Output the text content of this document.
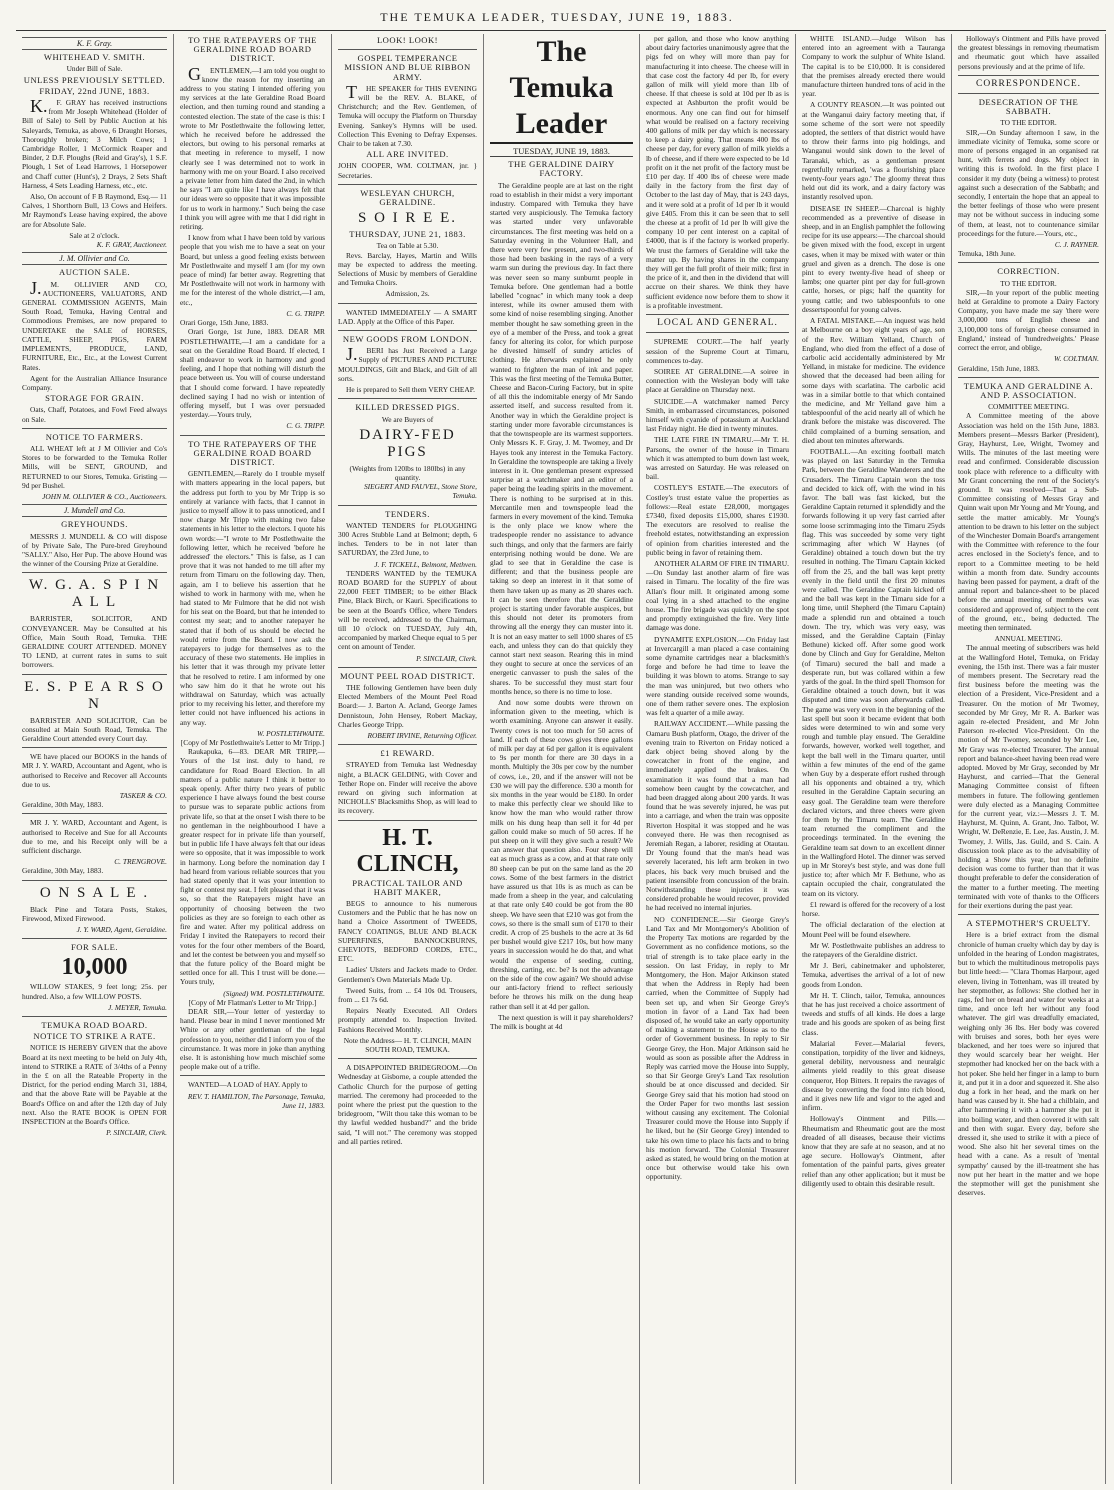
THE TEMUKA LEADER, TUESDAY, JUNE 19, 1883.
K. F. Gray.
WHITEHEAD V. SMITH.
Under Bill of Sale.
UNLESS PREVIOUSLY SETTLED.
FRIDAY, 22nd JUNE, 1883.

K.F. GRAY has received instructions from Mr Joseph Whitehead (Holder of Bill of Sale) to Sell by Public Auction at his Saleyards, Temuka, as above, 6 Draught Horses, Thoroughly broken; 3 Milch Cows; 1 Cambridge Roller, 1 McCormick Reaper and Binder, 2 D.F. Ploughs (Reid and Gray's), 1 S.F. Plough, 1 Set of Lead Harrows, 1 Horsepower and Chaff cutter (Hunt's), 2 Drays, 2 Sets Shaft Harness, 4 Sets Leading Harness, etc., etc.

Also, On account of F B Raymond, Esq.— 11 Calves, 1 Shorthorn Bull, 13 Cows and Heifers. Mr Raymond's Lease having expired, the above are for Absolute Sale.

Sale at 2 o'clock.
K. F. GRAY, Auctioneer.
J. M. Ollivier and Co.
AUCTION SALE.

J.M. OLLIVIER AND CO, AUCTIONEERS, VALUATORS, AND GENERAL COMMISSION AGENTS, Main South Road, Temuka, Having Central and Commodious Premises, are now prepared to UNDERTAKE the SALE of HORSES, CATTLE, SHEEP, PIGS, FARM IMPLEMENTS, PRODUCE, LAND, FURNITURE, Etc., Etc., at the Lowest Current Rates.

Agent for the Australian Alliance Insurance Company.

STORAGE FOR GRAIN.

Oats, Chaff, Potatoes, and Fowl Feed always on Sale.

NOTICE TO FARMERS.

ALL WHEAT left at J M Ollivier and Co's Stores to be forwarded to the Temuka Roller Mills, will be SENT, GROUND, and RETURNED to our Stores, Temuka. Gristing — 9d per Bushel.

JOHN M. OLLIVIER & CO., Auctioneers.
J. Mundell and Co.
GREYHOUNDS.

MESSRS J. MUNDELL & CO will dispose of by Private Sale, The Pure-bred Greyhound "SALLY." Also, Her Pup. The above Hound was the winner of the Coursing Prize at Geraldine.

W. G. A. S P I N A L L

BARRISTER, SOLICITOR, AND CONVEYANCER. May be Consulted at his Office, Main South Road, Temuka. THE GERALDINE COURT ATTENDED. MONEY TO LEND, at current rates in sums to suit borrowers.

E. S. P E A R S O N

BARRISTER AND SOLICITOR, Can be consulted at Main South Road, Temuka. The Geraldine Court attended every Court day.

WE have placed our BOOKS in the hands of MR J. Y. WARD, Accountant and Agent, who is authorised to Receive and Recover all Accounts due to us.

TASKER & CO.
Geraldine, 30th May, 1883.

MR J. Y. WARD, Accountant and Agent, is authorised to Receive and Sue for all Accounts due to me, and his Receipt only will be a sufficient discharge.

C. TRENGROVE.
Geraldine, 30th May, 1883.
O N S A L E .

Black Pine and Totara Posts, Stakes, Firewood, Mixed Firewood.

J. Y. WARD, Agent, Geraldine.
FOR SALE.
10,000

WILLOW STAKES, 9 feet long; 25s. per hundred. Also, a few WILLOW POSTS.

J. MEYER, Temuka.
TEMUKA ROAD BOARD.
NOTICE TO STRIKE A RATE.

NOTICE IS HEREBY GIVEN that the above Board at its next meeting to be held on July 4th, intend to STRIKE a RATE of 3/4ths of a Penny in the £ on all the Rateable Property in the District, for the period ending March 31, 1884, and that the above Rate will be Payable at the Board's Office on and after the 12th day of July next. Also the RATE BOOK is OPEN FOR INSPECTION at the Board's Office.

P. SINCLAIR, Clerk.
TO THE RATEPAYERS OF THE GERALDINE ROAD BOARD DISTRICT.

GENTLEMEN,—I am told you ought to know the reason for my inserting an address to you stating I intended offering you my services at the late Geraldine Road Board election, and then turning round and standing a contested election. The state of the case is this: I wrote to Mr Postlethwaite the following letter, which he received before he addressed the electors, but owing to his personal remarks at that meeting in reference to myself, I now clearly see I was determined not to work in harmony with me on your Board. I also received a private letter from him dated the 2nd, in which he says "I am quite like I have always felt that our ideas were so opposite that it was impossible for us to work in harmony." Such being the case I think you will agree with me that I did right in retiring.

I know from what I have been told by various people that you wish me to have a seat on your Board, but unless a good feeling exists between Mr Postlethwaite and myself I am (for my own peace of mind) far better away. Regretting that Mr Postlethwaite will not work in harmony with me for the interest of the whole district,—I am, etc.,

C. G. TRIPP.
Orari Gorge, 15th June, 1883.

Orari Gorge, 1st June, 1883. DEAR MR POSTLETHWAITE,—I am a candidate for a seat on the Geraldine Road Board. If elected, I shall endeavor to work in harmony and good feeling, and I hope that nothing will disturb the peace between us. You will of course understand that I should come forward. I have repeatedly declined saying I had no wish or intention of offering myself, but I was over persuaded yesterday.—Yours truly,

C. G. TRIPP.
TO THE RATEPAYERS OF THE GERALDINE ROAD BOARD DISTRICT.

GENTLEMEN,—Rarely do I trouble myself with matters appearing in the local papers, but the address put forth to you by Mr Tripp is so entirely at variance with facts, that I cannot in justice to myself allow it to pass unnoticed, and I now charge Mr Tripp with making two false statements in his letter to the electors. I quote his own words:—"I wrote to Mr Postlethwaite the following letter, which he received 'before he addressed' the electors." This is false, as I can prove that it was not handed to me till after my return from Timaru on the following day. Then, again, am I to believe his assertion that he wished to work in harmony with me, when he had stated to Mr Fulmore that he did not wish for his seat on the Board, but that he intended to contest my seat; and to another ratepayer he stated that if both of us should be elected he would retire from the Board. I now ask the ratepayers to judge for themselves as to the accuracy of these two statements. He implies in his letter that it was through my private letter that he resolved to retire. I am informed by one who saw him do it that he wrote out his withdrawal on Saturday, which was actually prior to my receiving his letter, and therefore my letter could not have influenced his actions in any way.

W. POSTLETHWAITE.
[Copy of Mr Postlethwaite's Letter to Mr Tripp.]

Raukapuka, 6—83. DEAR MR TRIPP,—Yours of the 1st inst. duly to hand, re candidature for Road Board Election. In all matters of a public nature I think it better to speak openly. After thirty two years of public experience I have always found the best course to pursue was to separate public actions from private life, so that at the onset I wish there to be no gentleman in the neighbourhood I have a greater respect for in private life than yourself, but in public life I have always felt that our ideas were so opposite, that it was impossible to work in harmony. Long before the nomination day I had heard from various reliable sources that you had stated openly that it was your intention to fight or contest my seat. I felt pleased that it was so, so that the Ratepayers might have an opportunity of choosing between the two policies as they are so foreign to each other as fire and water. After my political address on Friday I invited the Ratepayers to record their votes for the four other members of the Board, and let the contest be between you and myself so that the future policy of the Board might be settled once for all. This I trust will be done.—Yours truly,

(Signed) WM. POSTLETHWAITE.
[Copy of Mr Flatman's Letter to Mr Tripp.]

DEAR SIR,—Your letter of yesterday to hand. Please bear in mind I never mentioned Mr White or any other gentleman of the legal profession to you, neither did I inform you of the circumstance. It was more in joke than anything else. It is astonishing how much mischief some people make out of a trifle.

WANTED—A LOAD of HAY. Apply to

REV. T. HAMILTON, The Parsonage, Temuka, June 11, 1883.
LOOK! LOOK!
GOSPEL TEMPERANCE MISSION AND BLUE RIBBON ARMY.

THE SPEAKER for THIS EVENING will be the REV. A. BLAKE, of Christchurch; and the Rev. Gentlemen, of Temuka will occupy the Platform on Thursday Evening. Sankey's Hymns will be used. Collection This Evening to Defray Expenses. Chair to be taken at 7.30.

ALL ARE INVITED.
JOHN COOPER, WM. COLTMAN, jnr. } Secretaries.
WESLEYAN CHURCH, GERALDINE.
S O I R E E.
THURSDAY, JUNE 21, 1883.
Tea on Table at 5.30.

Revs. Barclay, Hayes, Martin and Wills may be expected to address the meeting. Selections of Music by members of Geraldine and Temuka Choirs.

Admission, 2s.

WANTED IMMEDIATELY — A SMART LAD. Apply at the Office of this Paper.

NEW GOODS FROM LONDON.

J.BERI has Just Received a Large Supply of PICTURES AND PICTURE MOULDINGS, Gilt and Black, and Gilt of all sorts.

He is prepared to Sell them VERY CHEAP.

KILLED DRESSED PIGS.
We are Buyers of
DAIRY-FED PIGS
(Weights from 120lbs to 180lbs) in any quantity.
SIEGERT AND FAUVEL, Stone Store, Temuka.
TENDERS.

WANTED TENDERS for PLOUGHING 300 Acres Stubble Land at Belmont; depth, 6 inches. Tenders to be in not later than SATURDAY, the 23rd June, to

J. F. TICKELL, Belmont, Methven.

TENDERS WANTED by the TEMUKA ROAD BOARD for the SUPPLY of about 22,000 FEET TIMBER; to be either Black Pine, Black Birch, or Kauri. Specifications to be seen at the Board's Office, where Tenders will be received, addressed to the Chairman, till 10 o'clock on TUESDAY, July 4th, accompanied by marked Cheque equal to 5 per cent on amount of Tender.

P. SINCLAIR, Clerk.
MOUNT PEEL ROAD DISTRICT.

THE following Gentlemen have been duly Elected Members of the Mount Peel Road Board:— J. Barton A. Acland, George James Dennistoun, John Hensey, Robert Mackay, Charles George Tripp.

ROBERT IRVINE, Returning Officer.
£1 REWARD.

STRAYED from Temuka last Wednesday night, a BLACK GELDING, with Cover and Tether Rope on. Finder will receive the above reward on giving such information at NICHOLLS' Blacksmiths Shop, as will lead to its recovery.

H. T. CLINCH,
PRACTICAL TAILOR AND HABIT MAKER,

BEGS to announce to his numerous Customers and the Public that he has now on hand a Choice Assortment of TWEEDS, FANCY COATINGS, BLUE AND BLACK SUPERFINES, BANNOCKBURNS, CHEVIOTS, BEDFORD CORDS, ETC., ETC.

Ladies' Ulsters and Jackets made to Order. Gentlemen's Own Materials Made Up.

Tweed Suits, from ... £4 10s 0d. Trousers, from ... £1 7s 6d.

Repairs Neatly Executed. All Orders promptly attended to. Inspection Invited. Fashions Received Monthly.

Note the Address— H. T. CLINCH, MAIN SOUTH ROAD, TEMUKA.

A DISAPPOINTED BRIDEGROOM.—On Wednesday at Gisborne, a couple attended the Catholic Church for the purpose of getting married. The ceremony had proceeded to the point where the priest put the question to the bridegroom, "Wilt thou take this woman to be thy lawful wedded husband?" and the bride said, "I will not." The ceremony was stopped and all parties retired.

The Temuka Leader
TUESDAY, JUNE 19, 1883.
THE GERALDINE DAIRY FACTORY.

The Geraldine people are at last on the right road to establish in their midst a very important industry. Compared with Temuka they have started very auspiciously. The Temuka factory was started under very unfavorable circumstances. The first meeting was held on a Saturday evening in the Volunteer Hall, and there were very few present, and two-thirds of those had been basking in the rays of a very warm sun during the previous day. In fact there was never seen so many sunburnt people in Temuka before. One gentleman had a bottle labelled "cognac" in which many took a deep interest, while its owner amused them with some kind of noise resembling singing. Another member thought he saw something green in the eye of a member of the Press, and took a great fancy for altering its color, for which purpose he divested himself of sundry articles of clothing. He afterwards explained he only wanted to frighten the man of ink and paper. This was the first meeting of the Temuka Butter, Cheese and Bacon-Curing Factory, but in spite of all this the indomitable energy of Mr Sando asserted itself, and success resulted from it. Another way in which the Geraldine project is starting under more favorable circumstances is that the townspeople are its warmest supporters. Only Messrs K. F. Gray, J. M. Twomey, and Dr Hayes took any interest in the Temuka Factory. In Geraldine the townspeople are taking a lively interest in it. One gentleman present expressed surprise at a watchmaker and an editor of a paper being the leading spirits in the movement. There is nothing to be surprised at in this. Mercantile men and townspeople lead the farmers in every movement of the kind. Temuka is the only place we know where the tradespeople render no assistance to advance such things, and only that the farmers are fairly enterprising nothing would be done. We are glad to see that in Geraldine the case is different; and that the business people are taking so deep an interest in it that some of them have taken up as many as 20 shares each. It can be seen therefore that the Geraldine project is starting under favorable auspices, but this should not deter its promoters from throwing all the energy they can muster into it. It is not an easy matter to sell 1000 shares of £5 each, and unless they can do that quickly they cannot start next season. Rearing this in mind they ought to secure at once the services of an energetic canvasser to push the sales of the shares. To be successful they must start four months hence, so there is no time to lose.

And now some doubts were thrown on information given to the meeting, which is worth examining. Anyone can answer it easily. Twenty cows is not too much for 50 acres of land. If each of these cows gives three gallons of milk per day at 6d per gallon it is equivalent to 9s per month for there are 30 days in a month. Multiply the 30s per cow by the number of cows, i.e., 20, and if the answer will not be £30 we will pay the difference. £30 a month for six months in the year would be £180. In order to make this perfectly clear we should like to know how the man who would rather throw milk on his dung heap than sell it for 4d per gallon could make so much of 50 acres. If he put sheep on it will they give such a result? We can answer that question also. Four sheep will eat as much grass as a cow, and at that rate only 80 sheep can be put on the same land as the 20 cows. Some of the best farmers in the district have assured us that 10s is as much as can be made from a sheep in the year, and calculating at that rate only £40 could be got from the 80 sheep. We have seen that £210 was got from the cows, so there is the small sum of £170 to their credit. A crop of 25 bushels to the acre at 3s 6d per bushel would give £217 10s, but how many years in succession would he do that, and what would the expense of seeding, cutting, threshing, carting, etc. be? Is not the advantage on the side of the cow again? We should advise our anti-factory friend to reflect seriously before he throws his milk on the dung heap rather than sell it at 4d per gallon.

The next question is will it pay shareholders? The milk is bought at 4d

per gallon, and those who know anything about dairy factories unanimously agree that the pigs fed on whey will more than pay for manufacturing it into cheese. The cheese will in that case cost the factory 4d per lb, for every gallon of milk will yield more than 1lb of cheese. If that cheese is sold at 10d per lb as is expected at Ashburton the profit would be enormous. Any one can find out for himself what would be realised on a factory receiving 400 gallons of milk per day which is necessary to keep a dairy going. That means 400 lbs of cheese per day, for every gallon of milk yields a lb of cheese, and if there were expected to be 1d profit on it the net profit of the factory must be £10 per day. If 400 lbs of cheese were made daily in the factory from the first day of October to the last day of May, that is 243 days, and it were sold at a profit of 1d per lb it would give £405. From this it can be seen that to sell the cheese at a profit of 1d per lb will give the company 10 per cent interest on a capital of £4000, that is if the factory is worked properly. We trust the farmers of Geraldine will take the matter up. By having shares in the company they will get the full profit of their milk; first in the price of it, and then in the dividend that will accrue on their shares. We think they have sufficient evidence now before them to show it is a profitable investment.

LOCAL AND GENERAL.

SUPREME COURT.—The half yearly session of the Supreme Court at Timaru, commences to-day.

SOIREE AT GERALDINE.—A soiree in connection with the Wesleyan body will take place at Geraldine on Thursday next.

SUICIDE.—A watchmaker named Percy Smith, in embarrassed circumstances, poisoned himself with cyanide of potassium at Auckland last Friday night. He died in twenty minutes.

THE LATE FIRE IN TIMARU.—Mr T. H. Parsons, the owner of the house in Timaru which it was attempted to burn down last week, was arrested on Saturday. He was released on bail.

COSTLEY'S ESTATE.—The executors of Costley's trust estate value the properties as follows:—Real estate £28,000, mortgages £7340, fixed deposits £15,000, shares £1930. The executors are resolved to realise the freehold estates, notwithstanding an expression of opinion from charities interested and the public being in favor of retaining them.

ANOTHER ALARM OF FIRE IN TIMARU.—On Sunday last another alarm of fire was raised in Timaru. The locality of the fire was Allan's flour mill. It originated among some coal lying in a shed attached to the engine house. The fire brigade was quickly on the spot and promptly extinguished the fire. Very little damage was done.

DYNAMITE EXPLOSION.—On Friday last at Invercargill a man placed a case containing some dynamite cartridges near a blacksmith's forge and before he had time to leave the building it was blown to atoms. Strange to say the man was uninjured, but two others who were standing outside received some wounds, one of them rather severe ones. The explosion was felt a quarter of a mile away.

RAILWAY ACCIDENT.—While passing the Oamaru Bush platform, Otago, the driver of the evening train to Riverton on Friday noticed a dark object being shoved along by the cowcatcher in front of the engine, and immediately applied the brakes. On examination it was found that a man had somehow been caught by the cowcatcher, and had been dragged along about 200 yards. It was found that he was severely injured, he was put into a carriage, and when the train was opposite Riverton Hospital it was stopped and he was conveyed there. He was then recognised as Jeremiah Regan, a laborer, residing at Otautau. Dr Young found that the man's head was severely lacerated, his left arm broken in two places, his back very much bruised and the patient insensible from concussion of the brain. Notwithstanding these injuries it was considered probable he would recover, provided he had received no internal injuries.

NO CONFIDENCE.—Sir George Grey's Land Tax and Mr Montgomery's Abolition of the Property Tax motions are regarded by the Government as no confidence motions, so the trial of strength is to take place early in the session. On last Friday, in reply to Mr Montgomery, the Hon. Major Atkinson stated that when the Address in Reply had been carried, when the Committee of Supply had been set up, and when Sir George Grey's motion in favor of a Land Tax had been disposed of, he would take an early opportunity of making a statement to the House as to the order of Government business. In reply to Sir George Grey, the Hon. Major Atkinson said he would as soon as possible after the Address in Reply was carried move the House into Supply, so that Sir George Grey's Land Tax resolution should be at once discussed and decided. Sir George Grey said that his motion had stood on the Order Paper for two months last session without causing any excitement. The Colonial Treasurer could move the House into Supply if he liked, but he (Sir George Grey) intended to take his own time to place his facts and to bring his motion forward. The Colonial Treasurer asked as stated, he would bring on the motion at once but otherwise would take his own opportunity.

WHITE ISLAND.—Judge Wilson has entered into an agreement with a Tauranga Company to work the sulphur of White Island. The capital is to be £10,000. It is considered that the premises already erected there would manufacture thirteen hundred tons of acid in the year.

A COUNTY REASON.—It was pointed out at the Wanganui dairy factory meeting that, if some scheme of the sort were not speedily adopted, the settlers of that district would have to throw their farms into pig holdings, and Wanganui would sink down to the level of Taranaki, which, as a gentleman present regretfully remarked, 'was a flourishing place twenty-four years ago.' The gloomy threat thus held out did its work, and a dairy factory was instantly resolved upon.

DISEASE IN SHEEP.—Charcoal is highly recommended as a preventive of disease in sheep, and in an English pamphlet the following recipe for its use appears:—The charcoal should be given mixed with the food, except in urgent cases, when it may be mixed with water or thin gruel and given as a drench. The dose is one pint to every twenty-five head of sheep or lambs; one quarter pint per day for full-grown cattle, horses, or pigs; half the quantity for young cattle; and two tablespoonfuls to one dessertspoonful for young calves.

A FATAL MISTAKE.—An inquest was held at Melbourne on a boy eight years of age, son of the Rev. William Yelland, Church of England, who died from the effect of a dose of carbolic acid accidentally administered by Mr Yelland, in mistake for medicine. The evidence showed that the deceased had been ailing for some days with scarlatina. The carbolic acid was in a similar bottle to that which contained the medicine, and Mr Yelland gave him a tablespoonful of the acid nearly all of which he drank before the mistake was discovered. The child complained of a burning sensation, and died about ten minutes afterwards.

FOOTBALL.—An exciting football match was played on last Saturday in the Temuka Park, between the Geraldine Wanderers and the Crusaders. The Timaru Captain won the toss and decided to kick off, with the wind in his favor. The ball was fast kicked, but the Geraldine Captain returned it splendidly and the forwards following it up very fast carried after some loose scrimmaging into the Timaru 25yds flag. This was succeeded by some very tight scrimmaging after which W Haynes (of Geraldine) obtained a touch down but the try resulted in nothing. The Timaru Captain kicked off from the 25, and the ball was kept pretty evenly in the field until the first 20 minutes were called. The Geraldine Captain kicked off and the ball was kept in the Timaru side for a long time, until Shepherd (the Timaru Captain) made a splendid run and obtained a touch down. The try, which was very easy, was missed, and the Geraldine Captain (Finlay Bethune) kicked off. After some good work done by Clinch and Guy for Geraldine, Melton (of Timaru) secured the ball and made a desperate run, but was collared within a few yards of the goal. In the third spell Thomson for Geraldine obtained a touch down, but it was disputed and time was soon afterwards called. The game was very even in the beginning of the last spell but soon it became evident that both sides were determined to win and some very rough and tumble play ensued. The Geraldine forwards, however, worked well together, and kept the ball well in the Timaru quarter, until within a few minutes of the end of the game when Guy by a desperate effort rushed through all his opponents and obtained a try, which resulted in the Geraldine Captain securing an easy goal. The Geraldine team were therefore declared victors, and three cheers were given for them by the Timaru team. The Geraldine team returned the compliment and the proceedings terminated. In the evening the Geraldine team sat down to an excellent dinner in the Wallingford Hotel. The dinner was served up in Mr Storey's best style, and was done full justice to; after which Mr F. Bethune, who as captain occupied the chair, congratulated the team on its victory.

£1 reward is offered for the recovery of a lost horse.

The official declaration of the election at Mount Peel will be found elsewhere.

Mr W. Postlethwaite publishes an address to the ratepayers of the Geraldine district.

Mr J. Beri, cabinetmaker and upholsterer, Temuka, advertises the arrival of a lot of new goods from London.

Mr H. T. Clinch, tailor, Temuka, announces that he has just received a choice assortment of tweeds and stuffs of all kinds. He does a large trade and his goods are spoken of as being first class.

Malarial Fever.—Malarial fevers, constipation, torpidity of the liver and kidneys, general debility, nervousness and neuralgic ailments yield readily to this great disease conqueror, Hop Bitters. It repairs the ravages of disease by converting the food into rich blood, and it gives new life and vigor to the aged and infirm.

Holloway's Ointment and Pills.—Rheumatism and Rheumatic gout are the most dreaded of all diseases, because their victims know that they are safe at no season, and at no age secure. Holloway's Ointment, after fomentation of the painful parts, gives greater relief than any other application; but it must be diligently used to obtain this desirable result.

Holloway's Ointment and Pills have proved the greatest blessings in removing rheumatism and rheumatic gout which have assailed persons previously and at the prime of life.

CORRESPONDENCE.
DESECRATION OF THE SABBATH.
TO THE EDITOR.

SIR,—On Sunday afternoon I saw, in the immediate vicinity of Temuka, some score or more of persons engaged in an organised rat hunt, with ferrets and dogs. My object in writing this is twofold. In the first place I consider it my duty (being a witness) to protest against such a desecration of the Sabbath; and secondly, I entertain the hope that an appeal to the better feelings of those who were present may not be without success in inducing some of them, at least, not to countenance similar proceedings for the future.—Yours, etc.,

C. J. RAYNER.
Temuka, 18th June.
CORRECTION.
TO THE EDITOR.

SIR,—In your report of the public meeting held at Geraldine to promote a Dairy Factory Company, you have made me say 'there were 3,000,000 tons of English cheese and 3,100,000 tons of foreign cheese consumed in England,' instead of 'hundredweights.' Please correct the error, and oblige,

W. COLTMAN.
Geraldine, 15th June, 1883.
TEMUKA AND GERALDINE A. AND P. ASSOCIATION.
COMMITTEE MEETING.

A Committee meeting of the above Association was held on the 15th June, 1883. Members present—Messrs Barker (President), Gray, Hayhurst, Lee, Wright, Twomey and Wills. The minutes of the last meeting were read and confirmed. Considerable discussion took place with reference to a difficulty with Mr Grant concerning the rent of the Society's ground. It was resolved—That a Sub-Committee consisting of Messrs Gray and Quinn wait upon Mr Young and Mr Young, and settle the matter amicably. Mr Young's attention to be drawn to his letter on the subject of the Winchester Domain Board's arrangement with the Committee with reference to the four acres enclosed in the Society's fence, and to report to a Committee meeting to be held within a month from date. Sundry accounts having been passed for payment, a draft of the annual report and balance-sheet to be placed before the annual meeting of members was considered and approved of, subject to the cent of the ground, etc., being deducted. The meeting then terminated.

ANNUAL MEETING.

The annual meeting of subscribers was held at the Wallingford Hotel, Temuka, on Friday evening, the 15th inst. There was a fair muster of members present. The Secretary read the first business before the meeting was the election of a President, Vice-President and a Treasurer. On the motion of Mr Twomey, seconded by Mr Grey, Mr R. A. Barker was again re-elected President, and Mr John Paterson re-elected Vice-President. On the motion of Mr Twomey, seconded by Mr Lee, Mr Gray was re-elected Treasurer. The annual report and balance-sheet having been read were adopted. Moved by Mr Gray, seconded by Mr Hayhurst, and carried—That the General Managing Committee consist of fifteen members in future. The following gentlemen were duly elected as a Managing Committee for the current year, viz.:—Messrs J. T. M. Hayhurst, M. Quinn, A. Grant, Jno. Talbot, W. Wright, W. DeRenzie, E. Lee, Jas. Austin, J. M. Twomey, J. Wills, Jas. Guild, and S. Cain. A discussion took place as to the advisability of holding a Show this year, but no definite decision was come to further than that it was thought preferable to defer the consideration of the matter to a further meeting. The meeting terminated with vote of thanks to the Officers for their exertions during the past year.

A STEPMOTHER'S CRUELTY.

Here is a brief extract from the dismal chronicle of human cruelty which day by day is unfolded in the hearing of London magistrates, but to which the multitudinous metropolis pays but little heed:— "Clara Thomas Harpour, aged eleven, living in Tottenham, was ill treated by her stepmother, as follows: She clothed her in rags, fed her on bread and water for weeks at a time, and once left her without any food whatever. The girl was dreadfully emaciated, weighing only 36 lbs. Her body was covered with bruises and sores, both her eyes were blackened, and her toes were so injured that they would scarcely bear her weight. Her stepmother had knocked her on the back with a hot poker. She held her finger in a lamp to burn it, and put it in a door and squeezed it. She also dug a fork in her head, and the mark on her hand was caused by it. She had a chilblain, and after hammering it with a hammer she put it into boiling water, and then covered it with salt and then with sugar. Every day, before she dressed it, she used to strike it with a piece of wood. She also hit her several times on the head with a cane. As a result of 'mental sympathy' caused by the ill-treatment she has now put her heart in the matter and we hope the stepmother will get the punishment she deserves.
